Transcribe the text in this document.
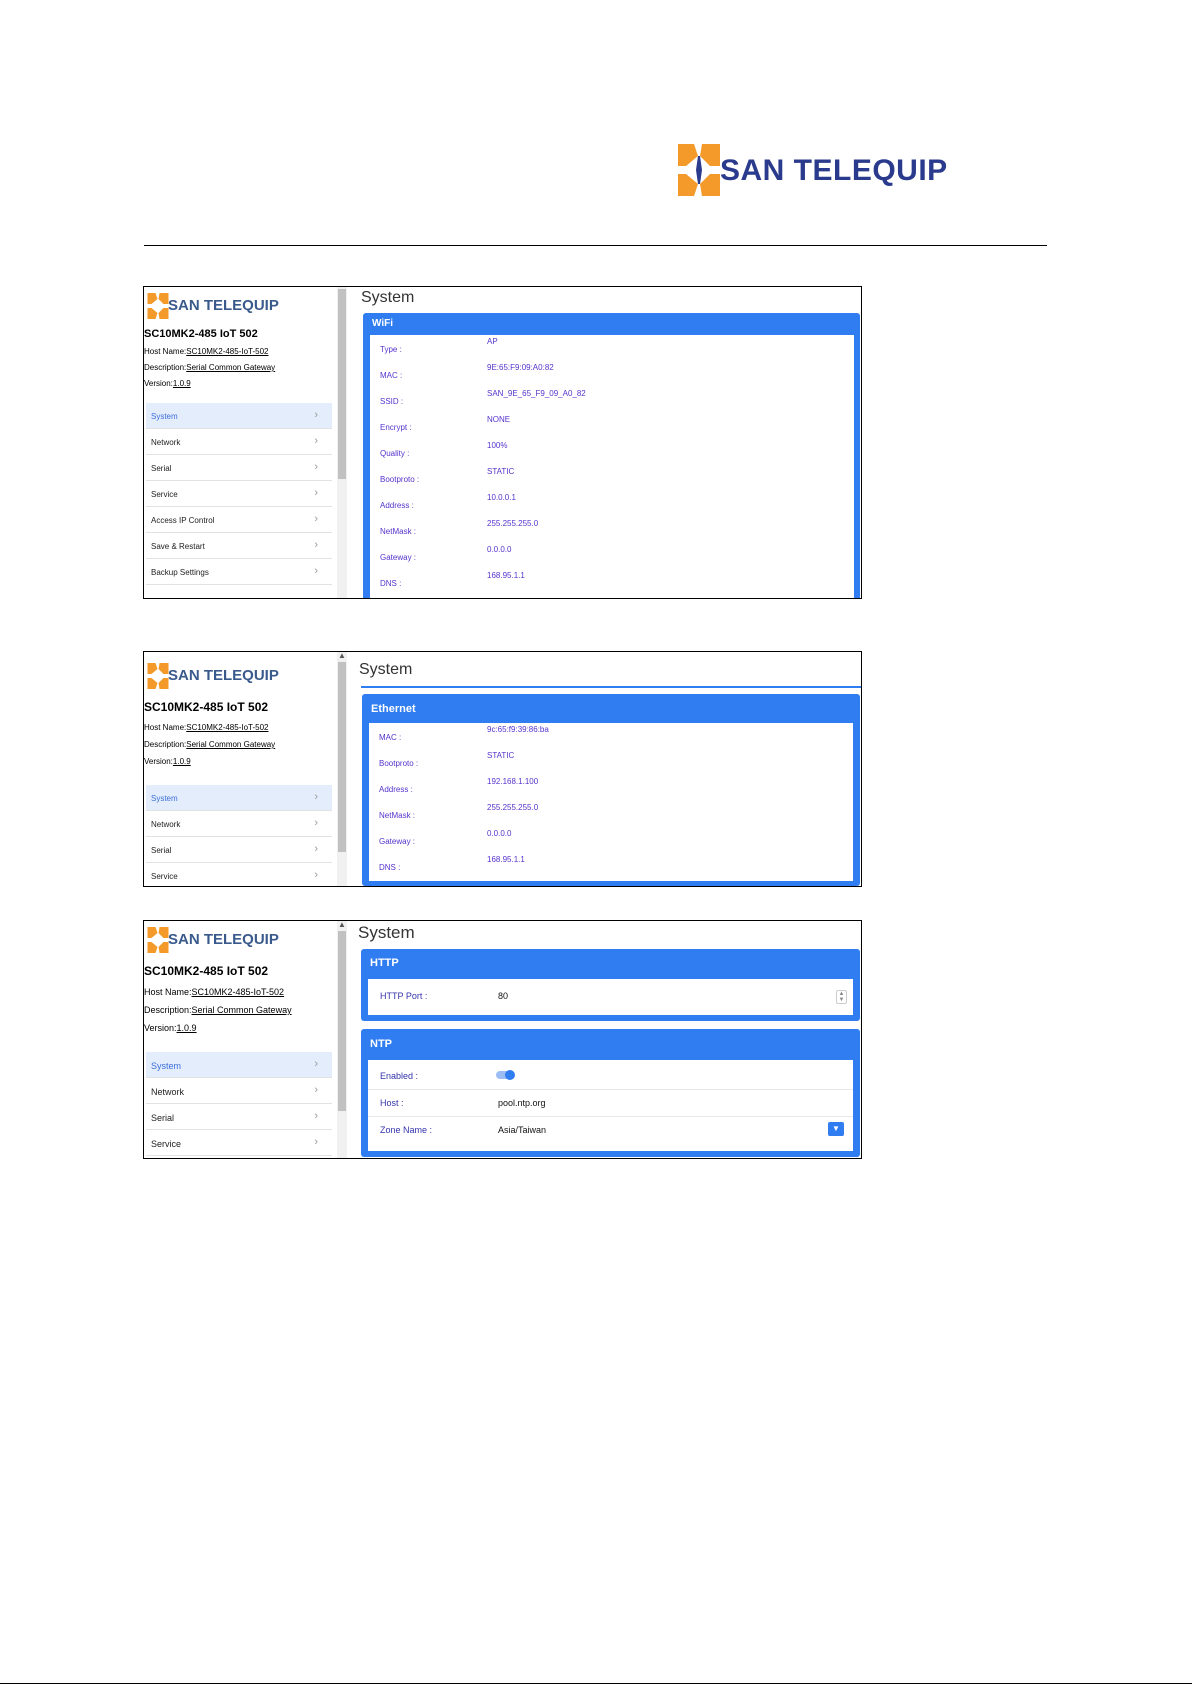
SAN TELEQUIP
SAN TELEQUIP
SC10MK2-485 IoT 502
Host Name:SC10MK2-485-IoT-502
Description:Serial Common Gateway
Version:1.0.9
System	›
Network	›
Serial	›
Service	›
Access IP Control	›
Save & Restart	›
Backup Settings	›
System
WiFi
Type :
AP
MAC :
9E:65:F9:09:A0:82
SSID :
SAN_9E_65_F9_09_A0_82
Encrypt :
NONE
Quality :
100%
Bootproto :
STATIC
Address :
10.0.0.1
NetMask :
255.255.255.0
Gateway :
0.0.0.0
DNS :
168.95.1.1
SAN TELEQUIP
SC10MK2-485 IoT 502
Host Name:SC10MK2-485-IoT-502
Description:Serial Common Gateway
Version:1.0.9
System	›
Network	›
Serial	›
Service	›
▲
System
Ethernet
MAC :
9c:65:f9:39:86:ba
Bootproto :
STATIC
Address :
192.168.1.100
NetMask :
255.255.255.0
Gateway :
0.0.0.0
DNS :
168.95.1.1
SAN TELEQUIP
SC10MK2-485 IoT 502
Host Name:SC10MK2-485-IoT-502
Description:Serial Common Gateway
Version:1.0.9
System	›
Network	›
Serial	›
Service	›
▲ System
HTTP
HTTP Port :	80	▲
▼
NTP
Enabled :
Host :	pool.ntp.org
Zone Name :	Asia/Taiwan	▼
